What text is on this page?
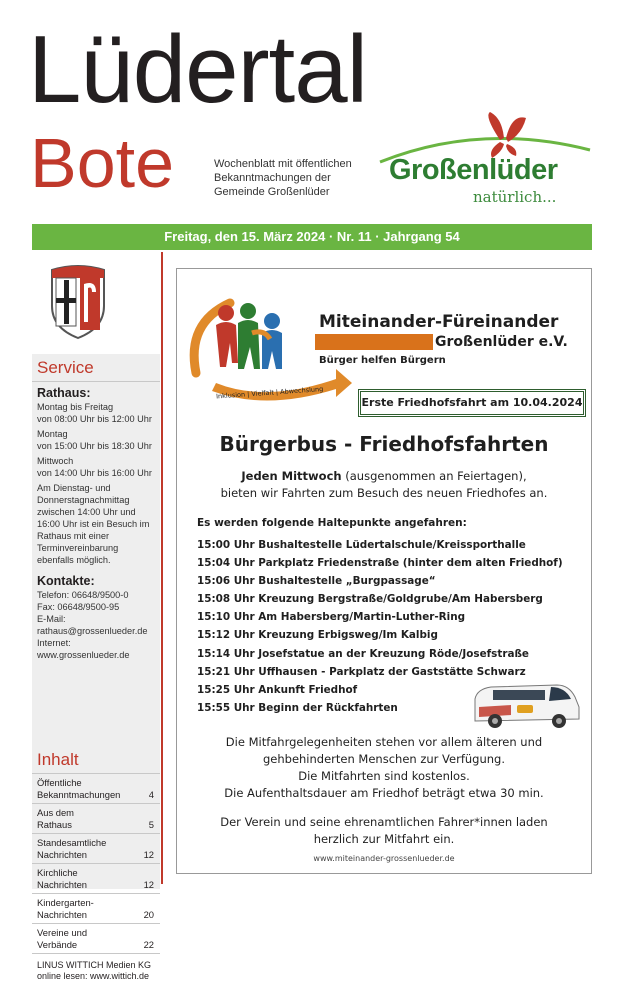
Lüdertal
Bote	Wochenblatt mit öffentlichen
Bekanntmachungen der
Gemeinde Großenlüder
Großenlüder
natürlich...
Freitag, den 15. März 2024 · Nr. 11 · Jahrgang 54
Service
Rathaus:
Montag bis Freitag
von 08:00 Uhr bis 12:00 Uhr
Montag
von 15:00 Uhr bis 18:30 Uhr
Mittwoch
von 14:00 Uhr bis 16:00 Uhr
Am Dienstag- und Donnerstagnachmittag zwischen 14:00 Uhr und 16:00 Uhr ist ein Besuch im Rathaus mit einer Terminvereinbarung ebenfalls möglich.
Kontakte:
Telefon: 06648/9500-0
Fax: 06648/9500-95
E-Mail:
rathaus@grossenlueder.de
Internet:
www.grossenlueder.de
Inhalt
Öffentliche Bekanntmachungen	4
Aus dem Rathaus	5
Standesamtliche Nachrichten	12
Kirchliche Nachrichten	12
Kindergarten-Nachrichten	20
Vereine und Verbände	22
LINUS WITTICH Medien KG
online lesen: www.wittich.de
Inklusion | Vielfalt | Abwechslung
Miteinander-Füreinander
Großenlüder e.V.
Bürger helfen Bürgern
Erste Friedhofsfahrt am 10.04.2024
Bürgerbus - Friedhofsfahrten
Jeden Mittwoch (ausgenommen an Feiertagen),
bieten wir Fahrten zum Besuch des neuen Friedhofes an.
Es werden folgende Haltepunkte angefahren:
15:00 Uhr Bushaltestelle Lüdertalschule/Kreissporthalle
15:04 Uhr Parkplatz Friedenstraße (hinter dem alten Friedhof)
15:06 Uhr Bushaltestelle „Burgpassage“
15:08 Uhr Kreuzung Bergstraße/Goldgrube/Am Habersberg
15:10 Uhr Am Habersberg/Martin-Luther-Ring
15:12 Uhr Kreuzung Erbigsweg/Im Kalbig
15:14 Uhr Josefstatue an der Kreuzung Röde/Josefstraße
15:21 Uhr Uffhausen - Parkplatz der Gaststätte Schwarz
15:25 Uhr Ankunft Friedhof
15:55 Uhr Beginn der Rückfahrten
Die Mitfahrgelegenheiten stehen vor allem älteren und
gehbehinderten Menschen zur Verfügung.
Die Mitfahrten sind kostenlos.
Die Aufenthaltsdauer am Friedhof beträgt etwa 30 min.
Der Verein und seine ehrenamtlichen Fahrer*innen laden
herzlich zur Mitfahrt ein.
www.miteinander-grossenlueder.de
